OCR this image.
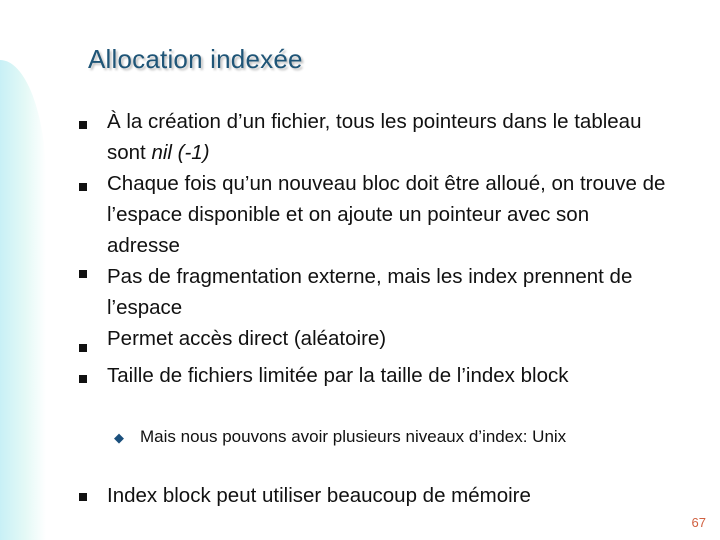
Allocation indexée
À la création d’un fichier, tous les pointeurs dans le tableau sont nil (-1)
Chaque fois qu’un nouveau bloc doit être alloué, on trouve de l’espace disponible et on ajoute un pointeur avec son adresse
Pas de fragmentation externe, mais les index prennent de l’espace
Permet accès direct (aléatoire)
Taille de fichiers limitée par la taille de l’index block
◆ Mais nous pouvons avoir plusieurs niveaux d’index: Unix
Index block peut utiliser beaucoup de mémoire
67
